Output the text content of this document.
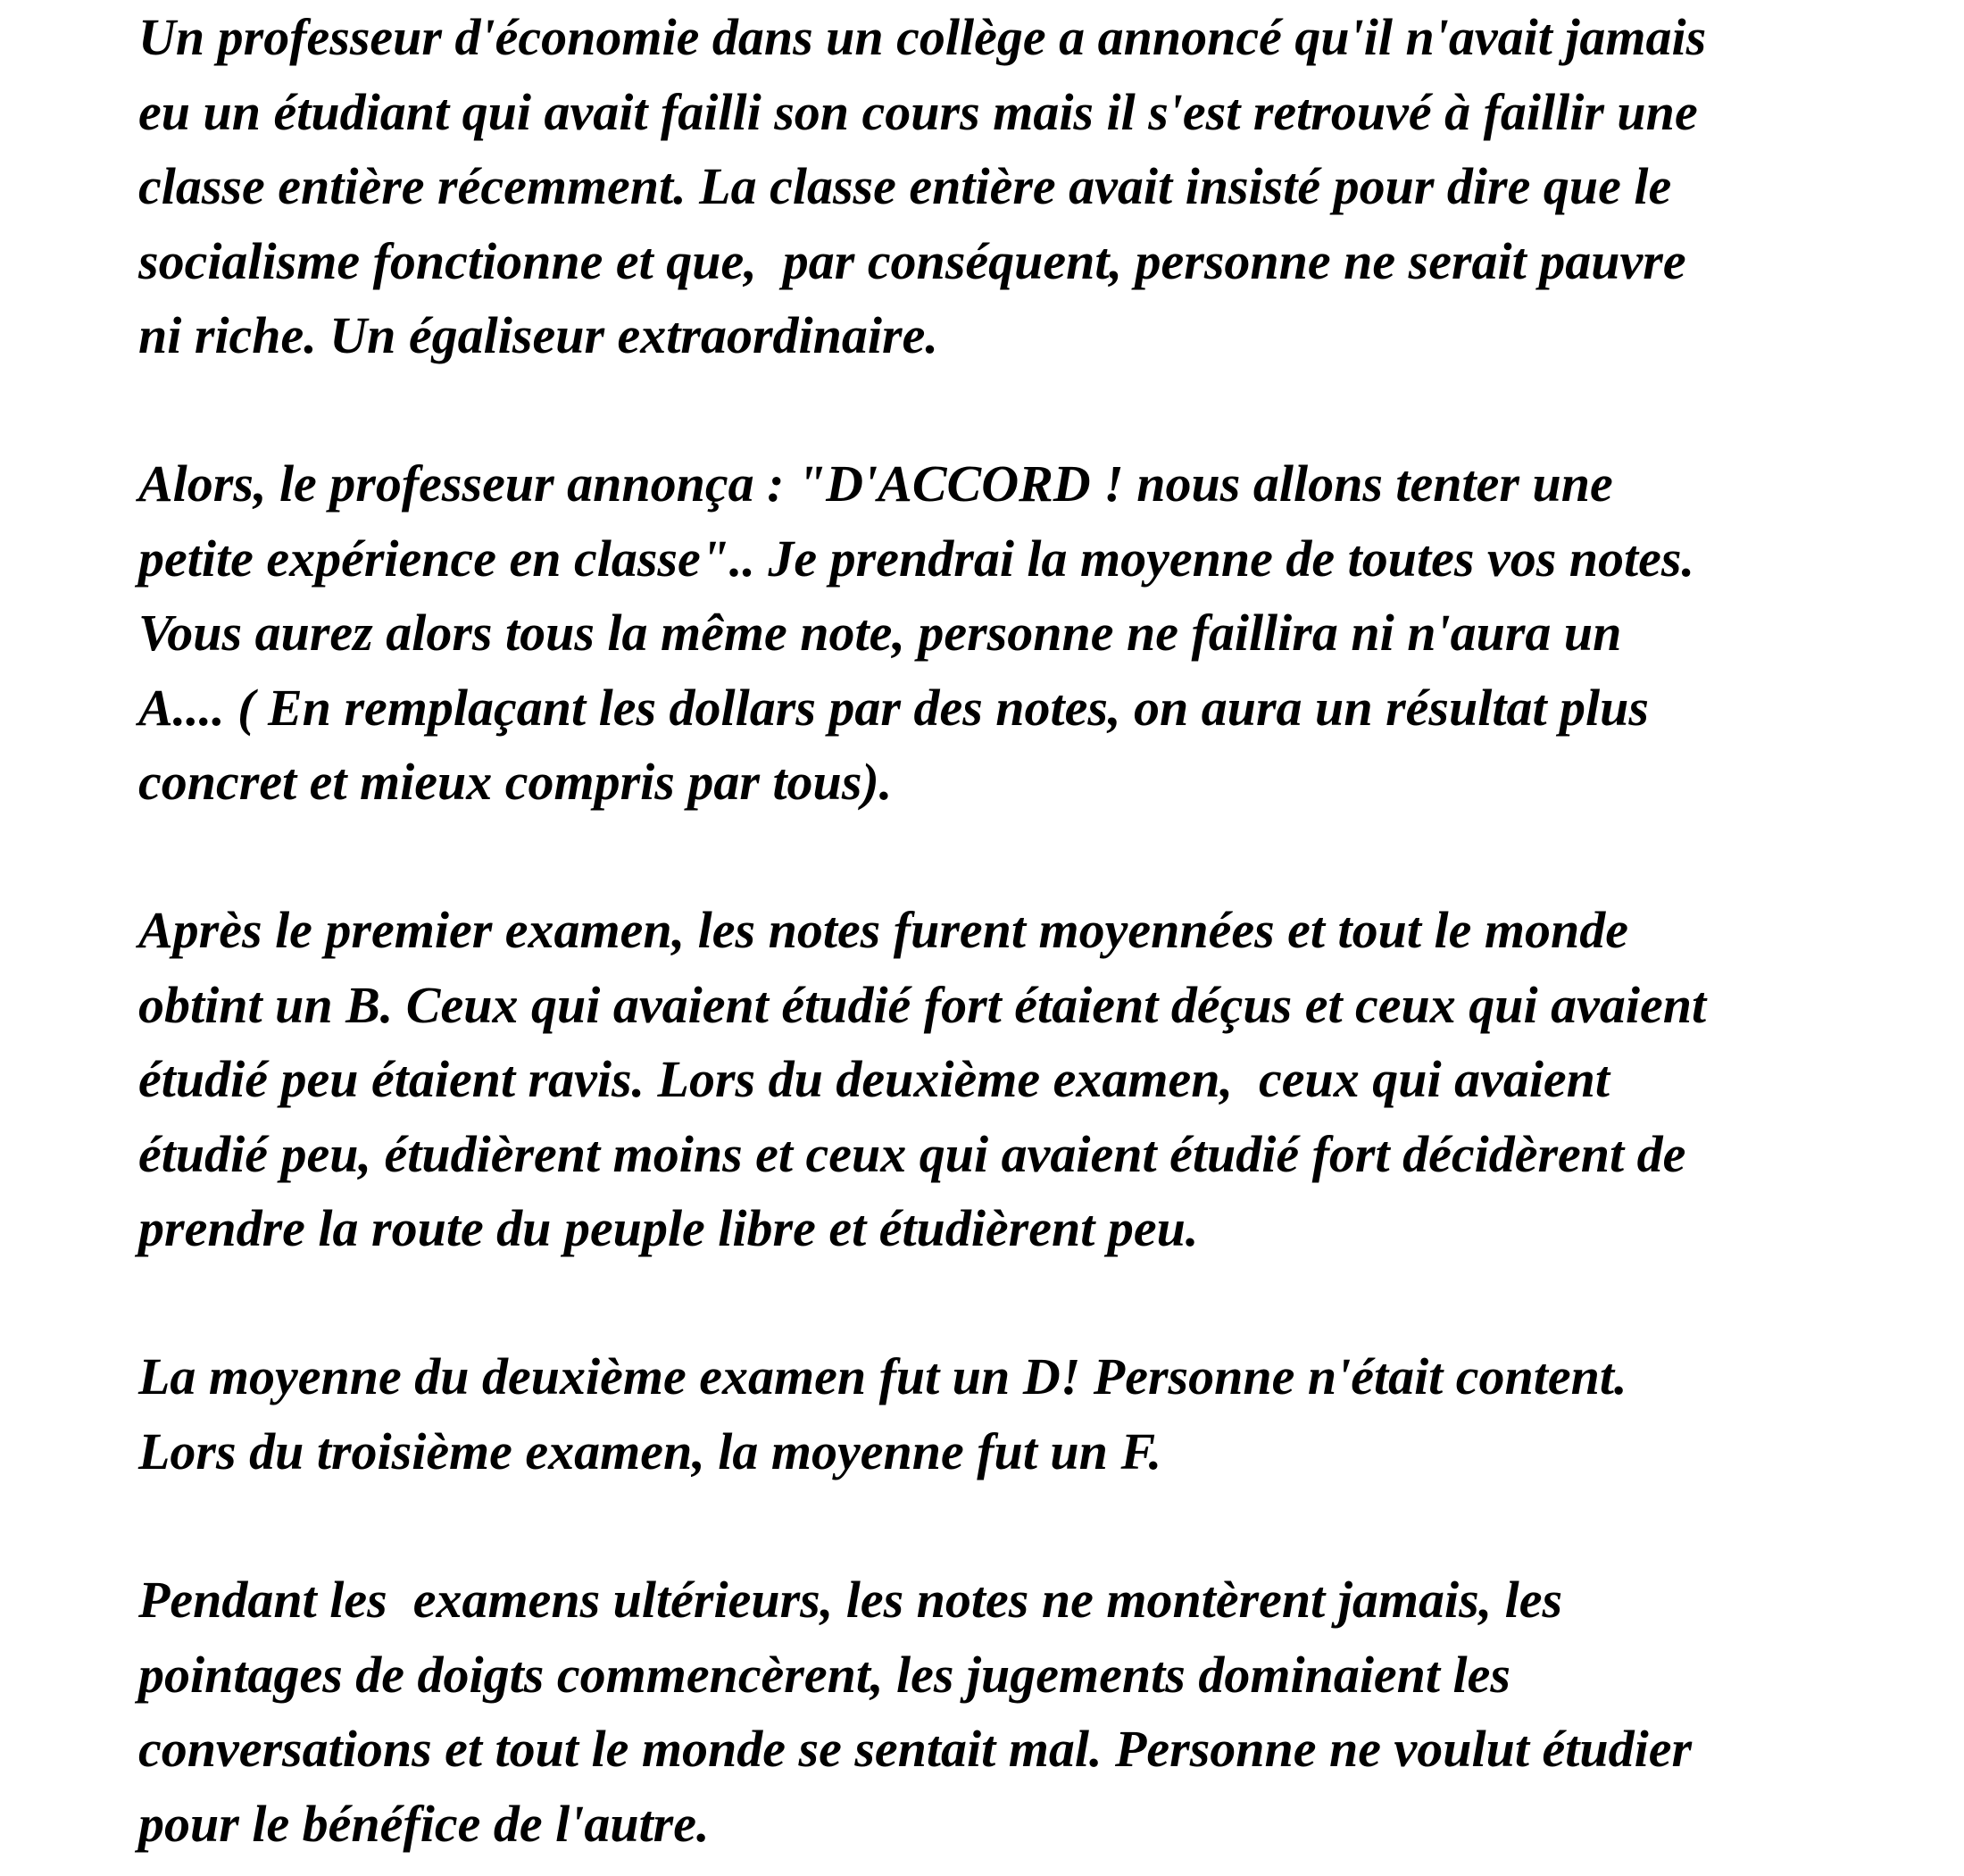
Un professeur d'économie dans un collège a annoncé qu'il n'avait jamais
eu un étudiant qui avait failli son cours mais il s'est retrouvé à faillir une
classe entière récemment. La classe entière avait insisté pour dire que le
socialisme fonctionne et que,  par conséquent, personne ne serait pauvre
ni riche. Un égaliseur extraordinaire.

Alors, le professeur annonça : "D'ACCORD ! nous allons tenter une
petite expérience en classe".. Je prendrai la moyenne de toutes vos notes.
Vous aurez alors tous la même note, personne ne faillira ni n'aura un
A.... ( En remplaçant les dollars par des notes, on aura un résultat plus
concret et mieux compris par tous).

Après le premier examen, les notes furent moyennées et tout le monde
obtint un B. Ceux qui avaient étudié fort étaient déçus et ceux qui avaient
étudié peu étaient ravis. Lors du deuxième examen,  ceux qui avaient
étudié peu, étudièrent moins et ceux qui avaient étudié fort décidèrent de
prendre la route du peuple libre et étudièrent peu.

La moyenne du deuxième examen fut un D! Personne n'était content.
Lors du troisième examen, la moyenne fut un F.

Pendant les  examens ultérieurs, les notes ne montèrent jamais, les
pointages de doigts commencèrent, les jugements dominaient les
conversations et tout le monde se sentait mal. Personne ne voulut étudier
pour le bénéfice de l'autre.
